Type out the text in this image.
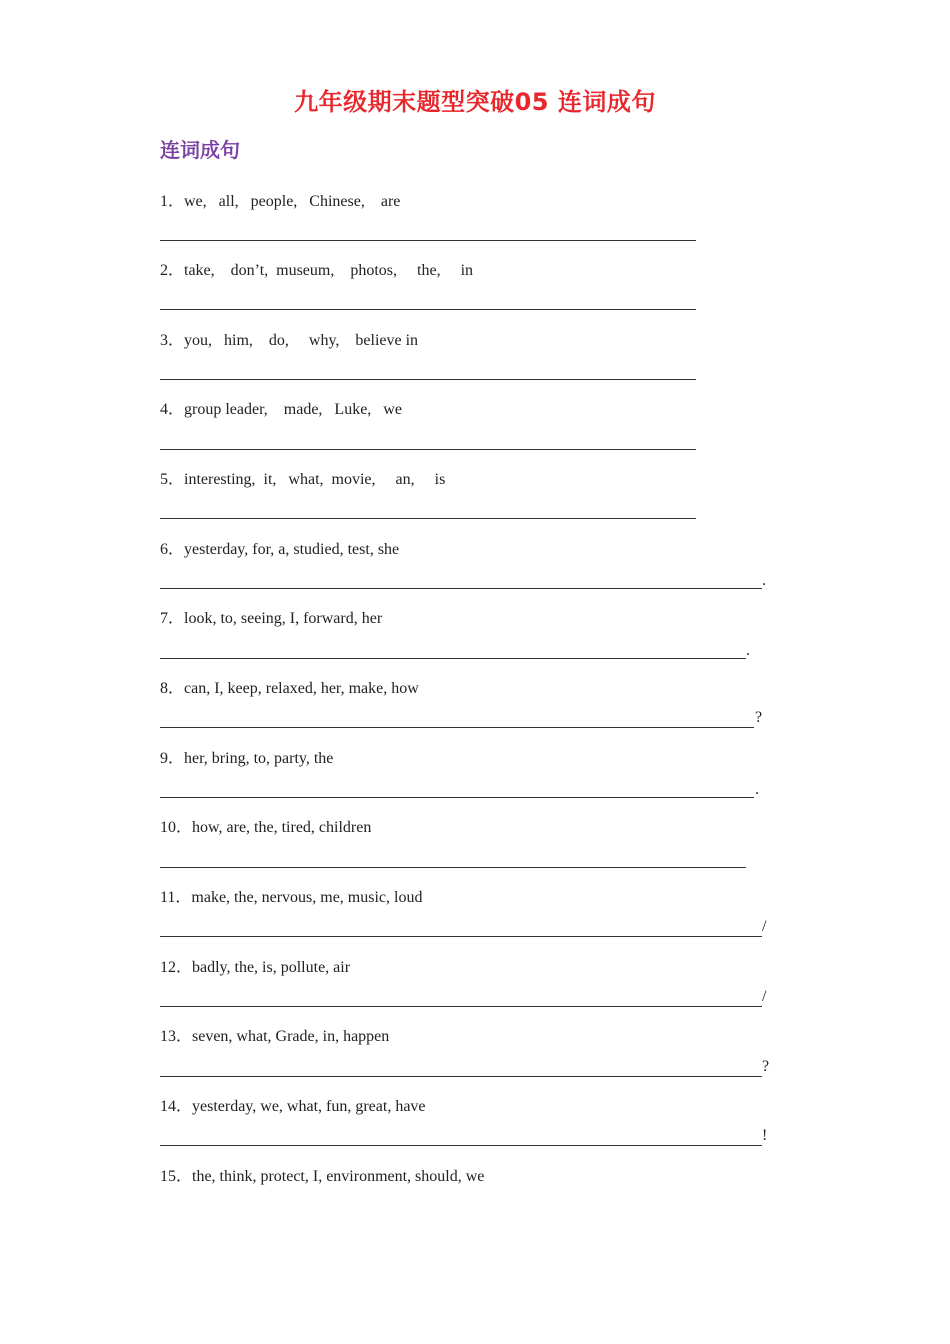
九年级期末题型突破05 连词成句
连词成句
1．we,   all,   people,   Chinese,    are
2．take,    don’t,  museum,    photos,     the,     in
3．you,   him,    do,     why,    believe in
4．group leader,    made,   Luke,   we
5．interesting,  it,   what,  movie,     an,     is
6．yesterday, for, a, studied, test, she
.
7．look, to, seeing, I, forward, her
.
8．can, I, keep, relaxed, her, make, how
?
9．her, bring, to, party, the
.
10．how, are, the, tired, children
11．make, the, nervous, me, music, loud
/
12．badly, the, is, pollute, air
/
13．seven, what, Grade, in, happen
?
14．yesterday, we, what, fun, great, have
!
15．the, think, protect, I, environment, should, we
